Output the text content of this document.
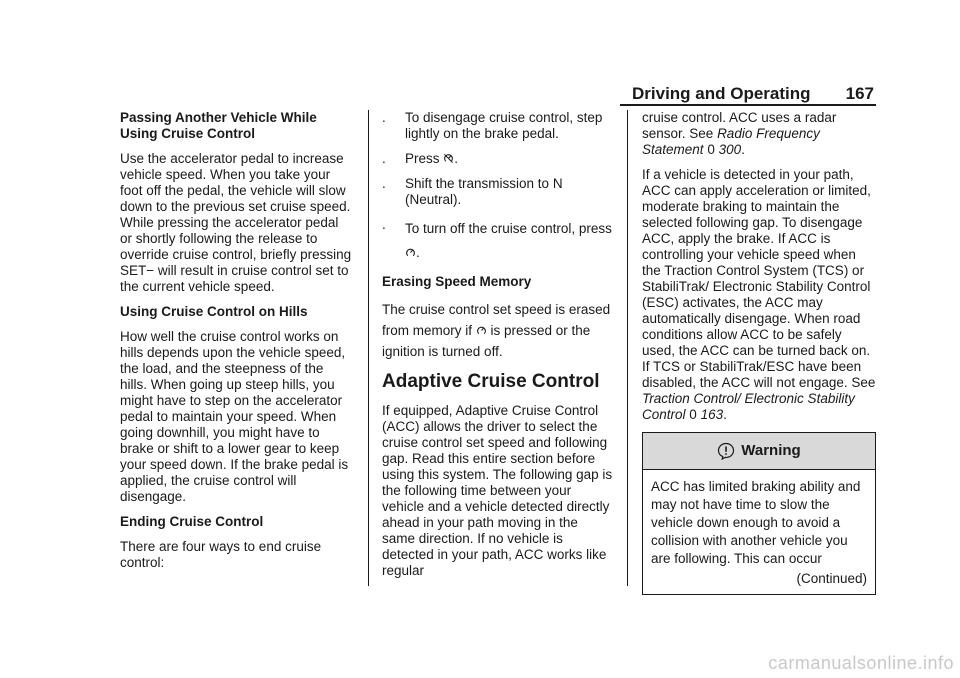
Driving and Operating 167

Passing Another Vehicle While Using Cruise Control

Use the accelerator pedal to increase vehicle speed. When you take your foot off the pedal, the vehicle will slow down to the previous set cruise speed. While pressing the accelerator pedal or shortly following the release to override cruise control, briefly pressing SET− will result in cruise control set to the current vehicle speed.

Using Cruise Control on Hills

How well the cruise control works on hills depends upon the vehicle speed, the load, and the steepness of the hills. When going up steep hills, you might have to step on the accelerator pedal to maintain your speed. When going downhill, you might have to brake or shift to a lower gear to keep your speed down. If the brake pedal is applied, the cruise control will disengage.

Ending Cruise Control

There are four ways to end cruise control:

.	To disengage cruise control, step lightly on the brake pedal.
.	Press .
.	Shift the transmission to N (Neutral).
.	To turn off the cruise control, press .

Erasing Speed Memory

The cruise control set speed is erased from memory if  is pressed or the ignition is turned off.

Adaptive Cruise Control

If equipped, Adaptive Cruise Control (ACC) allows the driver to select the cruise control set speed and following gap. Read this entire section before using this system. The following gap is the following time between your vehicle and a vehicle detected directly ahead in your path moving in the same direction. If no vehicle is detected in your path, ACC works like regular

cruise control. ACC uses a radar sensor. See Radio Frequency Statement 0 300.

If a vehicle is detected in your path, ACC can apply acceleration or limited, moderate braking to maintain the selected following gap. To disengage ACC, apply the brake. If ACC is controlling your vehicle speed when the Traction Control System (TCS) or StabiliTrak/ Electronic Stability Control (ESC) activates, the ACC may automatically disengage. When road conditions allow ACC to be safely used, the ACC can be turned back on. If TCS or StabiliTrak/ESC have been disabled, the ACC will not engage. See Traction Control/ Electronic Stability Control 0 163.

Warning
ACC has limited braking ability and may not have time to slow the vehicle down enough to avoid a collision with another vehicle you are following. This can occur
(Continued)
carmanualsonline.info
